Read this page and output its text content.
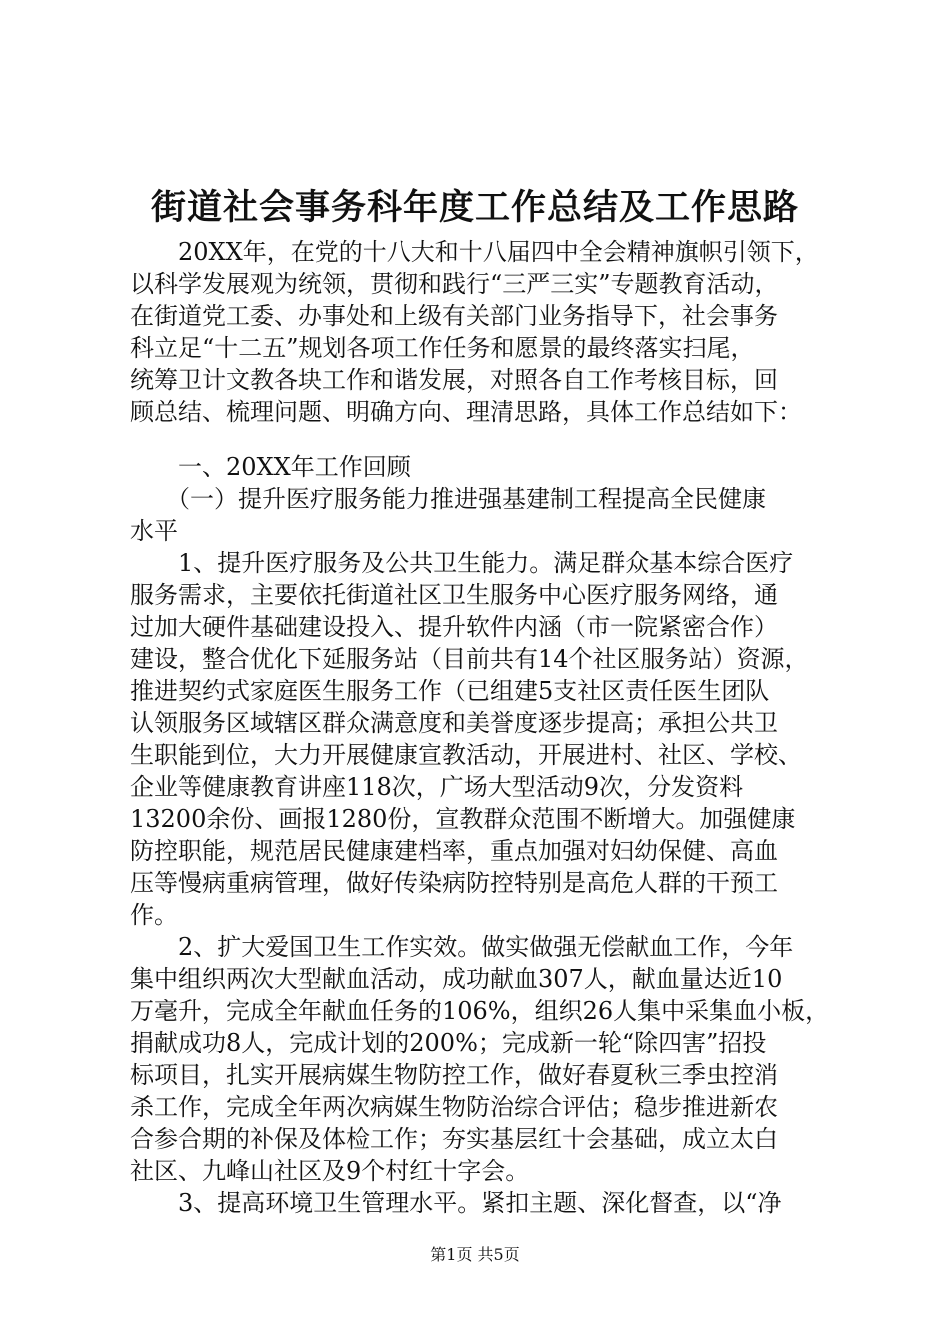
街道社会事务科年度工作总结及工作思路

20XX年，在党的十八大和十八届四中全会精神旗帜引领下，

以科学发展观为统领，贯彻和践行“三严三实”专题教育活动，

在街道党工委、办事处和上级有关部门业务指导下，社会事务

科立足“十二五”规划各项工作任务和愿景的最终落实扫尾，

统筹卫计文教各块工作和谐发展，对照各自工作考核目标，回

顾总结、梳理问题、明确方向、理清思路，具体工作总结如下：

一、20XX年工作回顾

（一）提升医疗服务能力推进强基建制工程提高全民健康

水平

1、提升医疗服务及公共卫生能力。满足群众基本综合医疗

服务需求，主要依托街道社区卫生服务中心医疗服务网络，通

过加大硬件基础建设投入、提升软件内涵（市一院紧密合作）

建设，整合优化下延服务站（目前共有14个社区服务站）资源，

推进契约式家庭医生服务工作（已组建5支社区责任医生团队

认领服务区域辖区群众满意度和美誉度逐步提高；承担公共卫

生职能到位，大力开展健康宣教活动，开展进村、社区、学校、

企业等健康教育讲座118次，广场大型活动9次，分发资料

13200余份、画报1280份，宣教群众范围不断增大。加强健康

防控职能，规范居民健康建档率，重点加强对妇幼保健、高血

压等慢病重病管理，做好传染病防控特别是高危人群的干预工

作。

2、扩大爱国卫生工作实效。做实做强无偿献血工作，今年

集中组织两次大型献血活动，成功献血307人，献血量达近10

万毫升，完成全年献血任务的106%，组织26人集中采集血小板，

捐献成功8人，完成计划的200%；完成新一轮“除四害”招投

标项目，扎实开展病媒生物防控工作，做好春夏秋三季虫控消

杀工作，完成全年两次病媒生物防治综合评估；稳步推进新农

合参合期的补保及体检工作；夯实基层红十会基础，成立太白

社区、九峰山社区及9个村红十字会。

3、提高环境卫生管理水平。紧扣主题、深化督查，以“净

第1页 共5页
